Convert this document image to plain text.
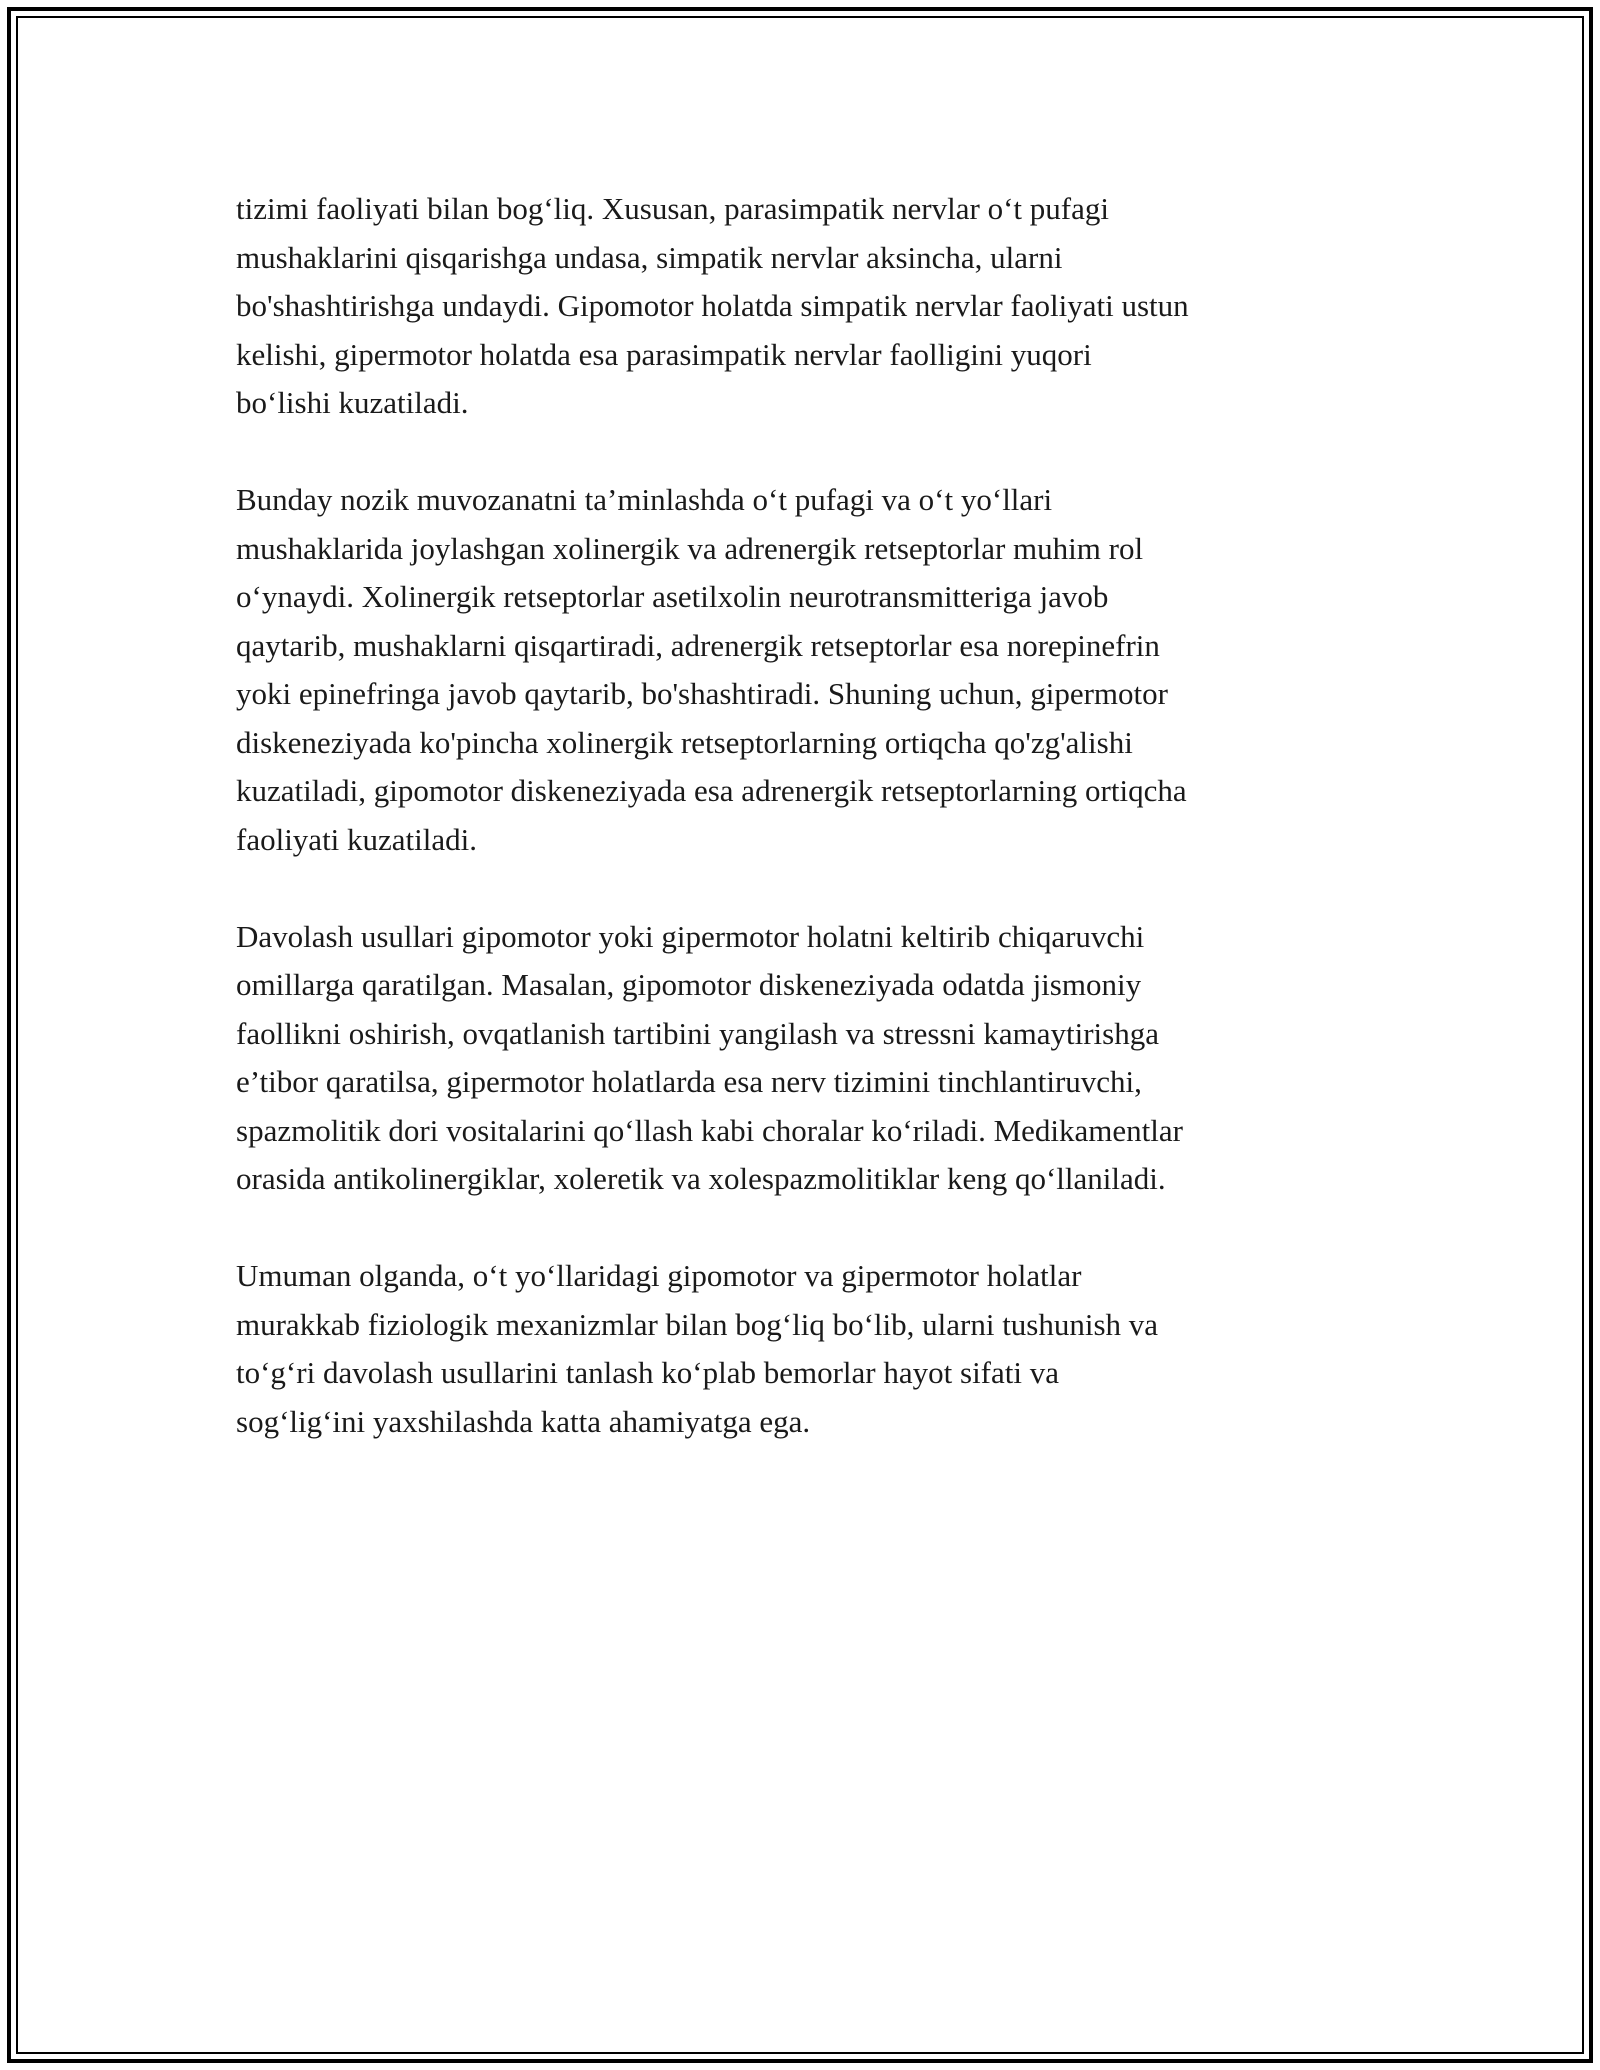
tizimi faoliyati bilan bog‘liq. Xususan, parasimpatik nervlar o‘t pufagi
mushaklarini qisqarishga undasa, simpatik nervlar aksincha, ularni
bo'shashtirishga undaydi. Gipomotor holatda simpatik nervlar faoliyati ustun
kelishi, gipermotor holatda esa parasimpatik nervlar faolligini yuqori
bo‘lishi kuzatiladi.

Bunday nozik muvozanatni ta’minlashda o‘t pufagi va o‘t yo‘llari
mushaklarida joylashgan xolinergik va adrenergik retseptorlar muhim rol
o‘ynaydi. Xolinergik retseptorlar asetilxolin neurotransmitteriga javob
qaytarib, mushaklarni qisqartiradi, adrenergik retseptorlar esa norepinefrin
yoki epinefringa javob qaytarib, bo'shashtiradi. Shuning uchun, gipermotor
diskeneziyada ko'pincha xolinergik retseptorlarning ortiqcha qo'zg'alishi
kuzatiladi, gipomotor diskeneziyada esa adrenergik retseptorlarning ortiqcha
faoliyati kuzatiladi.

Davolash usullari gipomotor yoki gipermotor holatni keltirib chiqaruvchi
omillarga qaratilgan. Masalan, gipomotor diskeneziyada odatda jismoniy
faollikni oshirish, ovqatlanish tartibini yangilash va stressni kamaytirishga
e’tibor qaratilsa, gipermotor holatlarda esa nerv tizimini tinchlantiruvchi,
spazmolitik dori vositalarini qo‘llash kabi choralar ko‘riladi. Medikamentlar
orasida antikolinergiklar, xoleretik va xolespazmolitiklar keng qo‘llaniladi.

Umuman olganda, o‘t yo‘llaridagi gipomotor va gipermotor holatlar
murakkab fiziologik mexanizmlar bilan bog‘liq bo‘lib, ularni tushunish va
to‘g‘ri davolash usullarini tanlash ko‘plab bemorlar hayot sifati va
sog‘lig‘ini yaxshilashda katta ahamiyatga ega.
